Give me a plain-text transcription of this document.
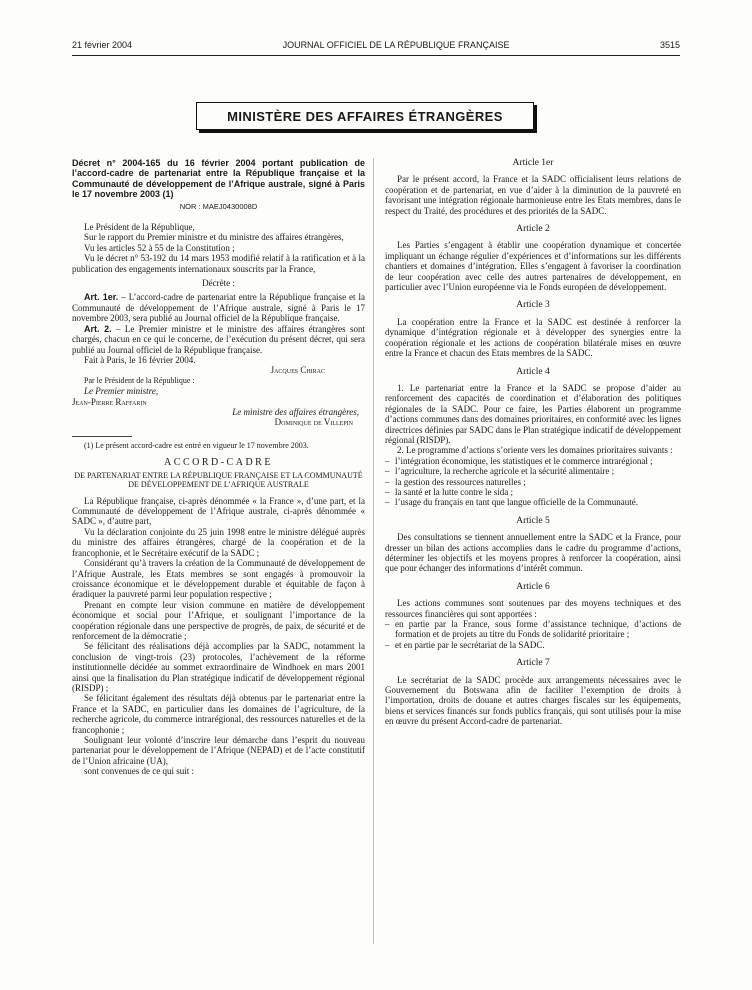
21 février 2004	JOURNAL OFFICIEL DE LA RÉPUBLIQUE FRANÇAISE	3515
MINISTÈRE DES AFFAIRES ÉTRANGÈRES
Décret n° 2004-165 du 16 février 2004 portant publication de l’accord-cadre de partenariat entre la République française et la Communauté de développement de l’Afrique australe, signé à Paris le 17 novembre 2003 (1)
NOR : MAEJ0430008D

Le Président de la République,

Sur le rapport du Premier ministre et du ministre des affaires étrangères,

Vu les articles 52 à 55 de la Constitution ;

Vu le décret n° 53-192 du 14 mars 1953 modifié relatif à la ratification et à la publication des engagements internationaux souscrits par la France,

Décrète :

Art. 1er. – L’accord-cadre de partenariat entre la République française et la Communauté de développement de l’Afrique australe, signé à Paris le 17 novembre 2003, sera publié au Journal officiel de la République française.

Art. 2. – Le Premier ministre et le ministre des affaires étrangères sont chargés, chacun en ce qui le concerne, de l’exécution du présent décret, qui sera publié au Journal officiel de la République française.

Fait à Paris, le 16 février 2004.

Jacques Chirac

Par le Président de la République :

Le Premier ministre,

Jean-Pierre Raffarin

Le ministre des affaires étrangères,

Dominique de Villepin

(1) Le présent accord-cadre est entré en vigueur le 17 novembre 2003.

ACCORD-CADRE
DE PARTENARIAT ENTRE LA RÉPUBLIQUE FRANÇAISE ET LA COMMUNAUTÉ DE DÉVELOPPEMENT DE L’AFRIQUE AUSTRALE

La République française, ci-après dénommée « la France », d’une part, et la Communauté de développement de l’Afrique australe, ci-après dénommée « SADC », d’autre part,

Vu la déclaration conjointe du 25 juin 1998 entre le ministre délégué auprès du ministre des affaires étrangères, chargé de la coopération et de la francophonie, et le Secrétaire exécutif de la SADC ;

Considérant qu’à travers la création de la Communauté de développement de l’Afrique Australe, les Etats membres se sont engagés à promouvoir la croissance économique et le développement durable et équitable de façon à éradiquer la pauvreté parmi leur population respective ;

Prenant en compte leur vision commune en matière de développement économique et social pour l’Afrique, et soulignant l’importance de la coopération régionale dans une perspective de progrès, de paix, de sécurité et de renforcement de la démocratie ;

Se félicitant des réalisations déjà accomplies par la SADC, notamment la conclusion de vingt-trois (23) protocoles, l’achèvement de la réforme institutionnelle décidée au sommet extraordinaire de Windhoek en mars 2001 ainsi que la finalisation du Plan stratégique indicatif de développement régional (RISDP) ;

Se félicitant également des résultats déjà obtenus par le partenariat entre la France et la SADC, en particulier dans les domaines de l’agriculture, de la recherche agricole, du commerce intrarégional, des ressources naturelles et de la francophonie ;

Soulignant leur volonté d’inscrire leur démarche dans l’esprit du nouveau partenariat pour le développement de l’Afrique (NEPAD) et de l’acte constitutif de l’Union africaine (UA),

sont convenues de ce qui suit :

Article 1er

Par le présent accord, la France et la SADC officialisent leurs relations de coopération et de partenariat, en vue d’aider à la diminution de la pauvreté en favorisant une intégration régionale harmonieuse entre les Etats membres, dans le respect du Traité, des procédures et des priorités de la SADC.

Article 2

Les Parties s’engagent à établir une coopération dynamique et concertée impliquant un échange régulier d’expériences et d’informations sur les différents chantiers et domaines d’intégration. Elles s’engagent à favoriser la coordination de leur coopération avec celle des autres partenaires de développement, en particulier avec l’Union européenne via le Fonds européen de développement.

Article 3

La coopération entre la France et la SADC est destinée à renforcer la dynamique d’intégration régionale et à développer des synergies entre la coopération régionale et les actions de coopération bilatérale mises en œuvre entre la France et chacun des Etats membres de la SADC.

Article 4

1. Le partenariat entre la France et la SADC se propose d’aider au renforcement des capacités de coordination et d’élaboration des politiques régionales de la SADC. Pour ce faire, les Parties élaborent un programme d’actions communes dans des domaines prioritaires, en conformité avec les lignes directrices définies par SADC dans le Plan stratégique indicatif de développement régional (RISDP).

2. Le programme d’actions s’oriente vers les domaines prioritaires suivants :

– l’intégration économique, les statistiques et le commerce intrarégional ;

– l’agriculture, la recherche agricole et la sécurité alimentaire ;

– la gestion des ressources naturelles ;

– la santé et la lutte contre le sida ;

– l’usage du français en tant que langue officielle de la Communauté.

Article 5

Des consultations se tiennent annuellement entre la SADC et la France, pour dresser un bilan des actions accomplies dans le cadre du programme d’actions, déterminer les objectifs et les moyens propres à renforcer la coopération, ainsi que pour échanger des informations d’intérêt commun.

Article 6

Les actions communes sont soutenues par des moyens techniques et des ressources financières qui sont apportées :

– en partie par la France, sous forme d’assistance technique, d’actions de formation et de projets au titre du Fonds de solidarité prioritaire ;

– et en partie par le secrétariat de la SADC.

Article 7

Le secrétariat de la SADC procède aux arrangements nécessaires avec le Gouvernement du Botswana afin de faciliter l’exemption de droits à l’importation, droits de douane et autres charges fiscales sur les équipements, biens et services financés sur fonds publics français, qui sont utilisés pour la mise en œuvre du présent Accord-cadre de partenariat.
